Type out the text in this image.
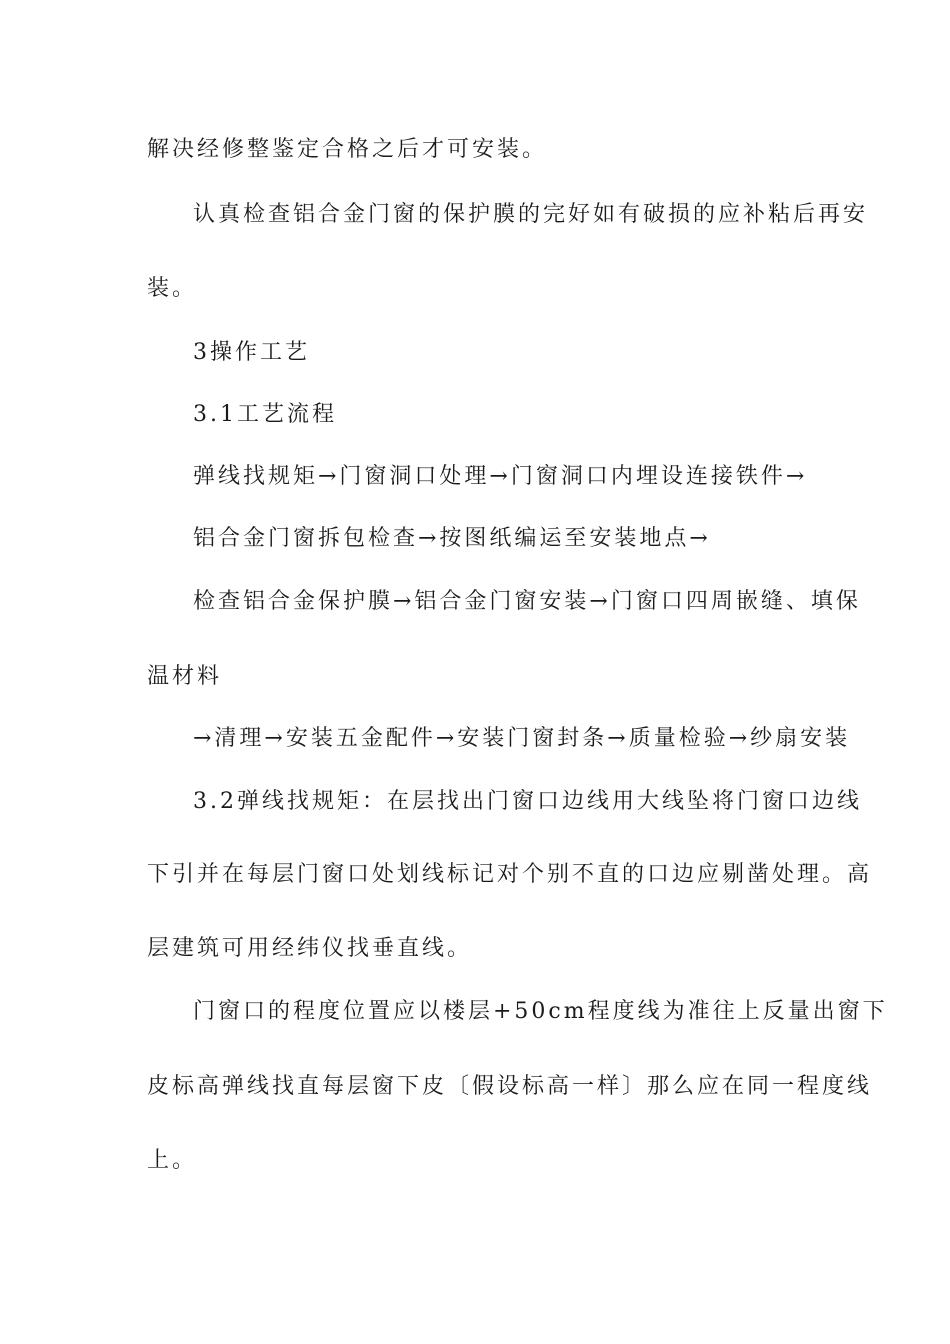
解决经修整鉴定合格之后才可安装。
认真检查铝合金门窗的保护膜的完好如有破损的应补粘后再安
装。
3操作工艺
3.1工艺流程
弹线找规矩→门窗洞口处理→门窗洞口内埋设连接铁件→
铝合金门窗拆包检查→按图纸编运至安装地点→
检查铝合金保护膜→铝合金门窗安装→门窗口四周嵌缝、填保
温材料
→清理→安装五金配件→安装门窗封条→质量检验→纱扇安装
3.2弹线找规矩：在层找出门窗口边线用大线坠将门窗口边线
下引并在每层门窗口处划线标记对个别不直的口边应剔凿处理。高
层建筑可用经纬仪找垂直线。
门窗口的程度位置应以楼层+50cm程度线为准往上反量出窗下
皮标高弹线找直每层窗下皮〔假设标高一样〕那么应在同一程度线
上。
